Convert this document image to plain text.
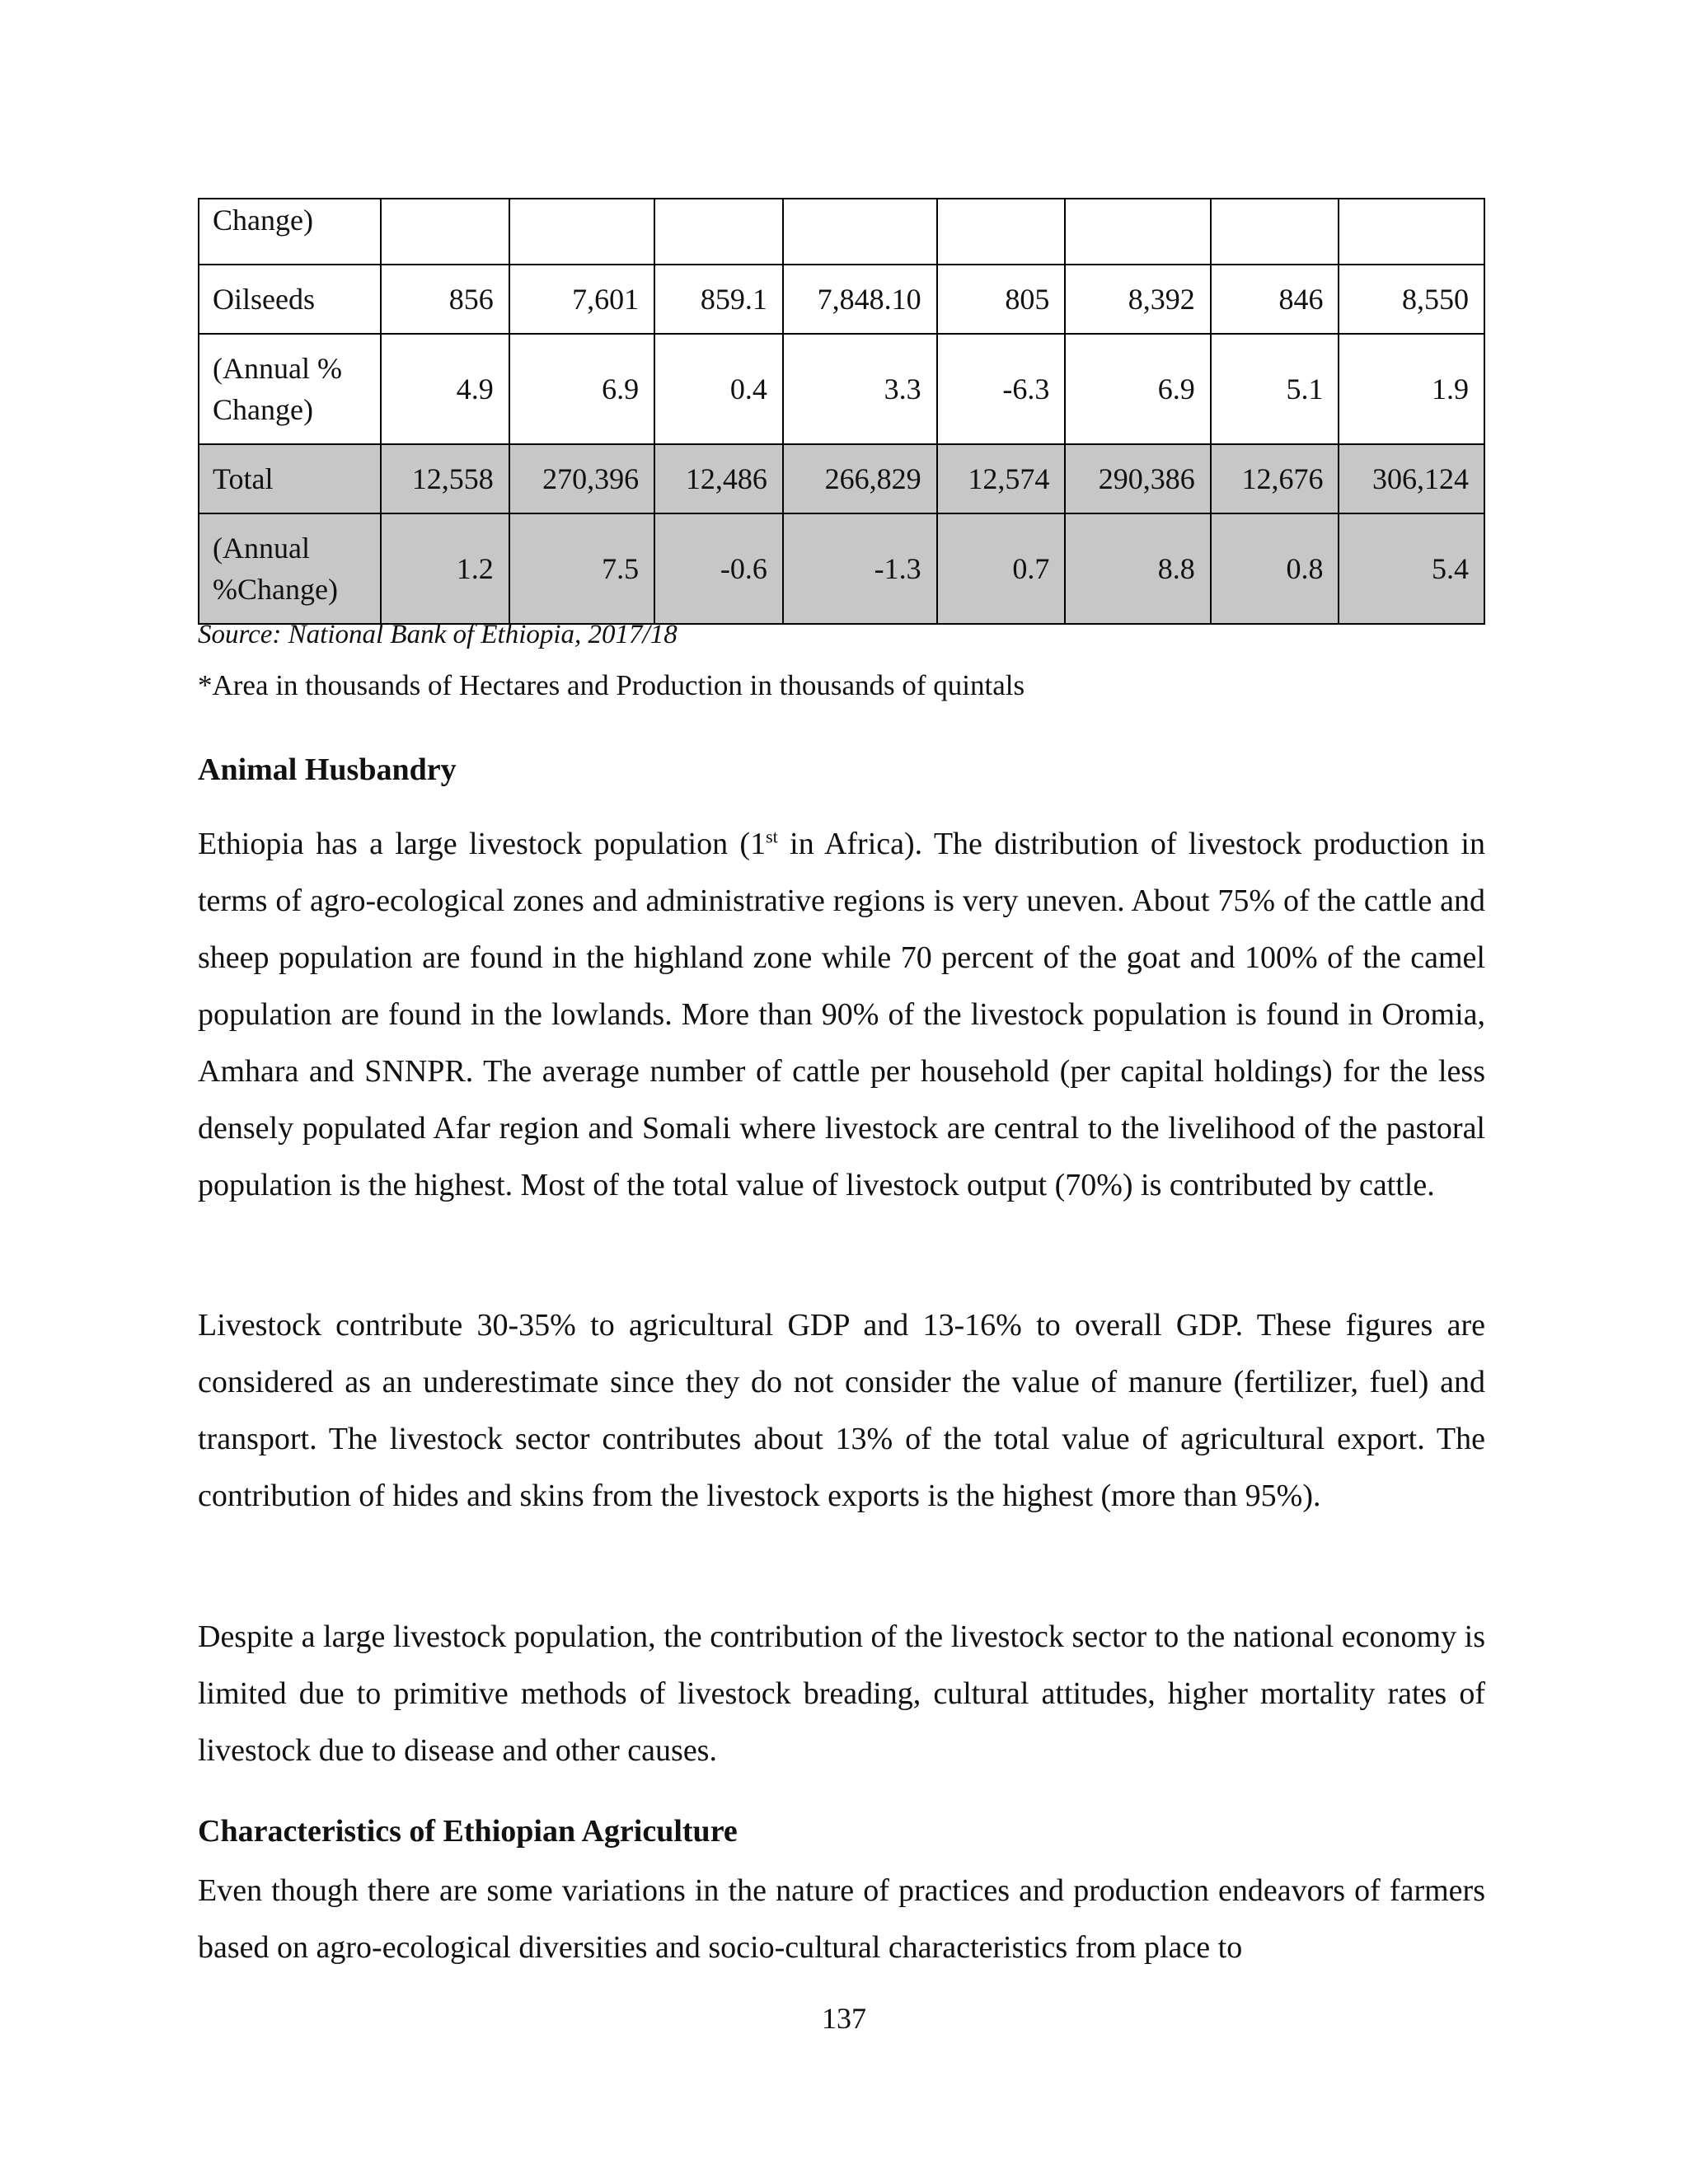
Change)								
Oilseeds	856	7,601	859.1	7,848.10	805	8,392	846	8,550
(Annual % Change)	4.9	6.9	0.4	3.3	-6.3	6.9	5.1	1.9
Total	12,558	270,396	12,486	266,829	12,574	290,386	12,676	306,124
(Annual %Change)	1.2	7.5	-0.6	-1.3	0.7	8.8	0.8	5.4
Source: National Bank of Ethiopia, 2017/18
*Area in thousands of Hectares and Production in thousands of quintals
Animal Husbandry

Ethiopia has a large livestock population (1st in Africa). The distribution of livestock production in terms of agro-ecological zones and administrative regions is very uneven. About 75% of the cattle and sheep population are found in the highland zone while 70 percent of the goat and 100% of the camel population are found in the lowlands. More than 90% of the livestock population is found in Oromia, Amhara and SNNPR. The average number of cattle per household (per capital holdings) for the less densely populated Afar region and Somali where livestock are central to the livelihood of the pastoral population is the highest. Most of the total value of livestock output (70%) is contributed by cattle.

Livestock contribute 30-35% to agricultural GDP and 13-16% to overall GDP. These figures are considered as an underestimate since they do not consider the value of manure (fertilizer, fuel) and transport. The livestock sector contributes about 13% of the total value of agricultural export. The contribution of hides and skins from the livestock exports is the highest (more than 95%).

Despite a large livestock population, the contribution of the livestock sector to the national economy is limited due to primitive methods of livestock breading, cultural attitudes, higher mortality rates of livestock due to disease and other causes.

Characteristics of Ethiopian Agriculture

Even though there are some variations in the nature of practices and production endeavors of farmers based on agro-ecological diversities and socio-cultural characteristics from place to

137
